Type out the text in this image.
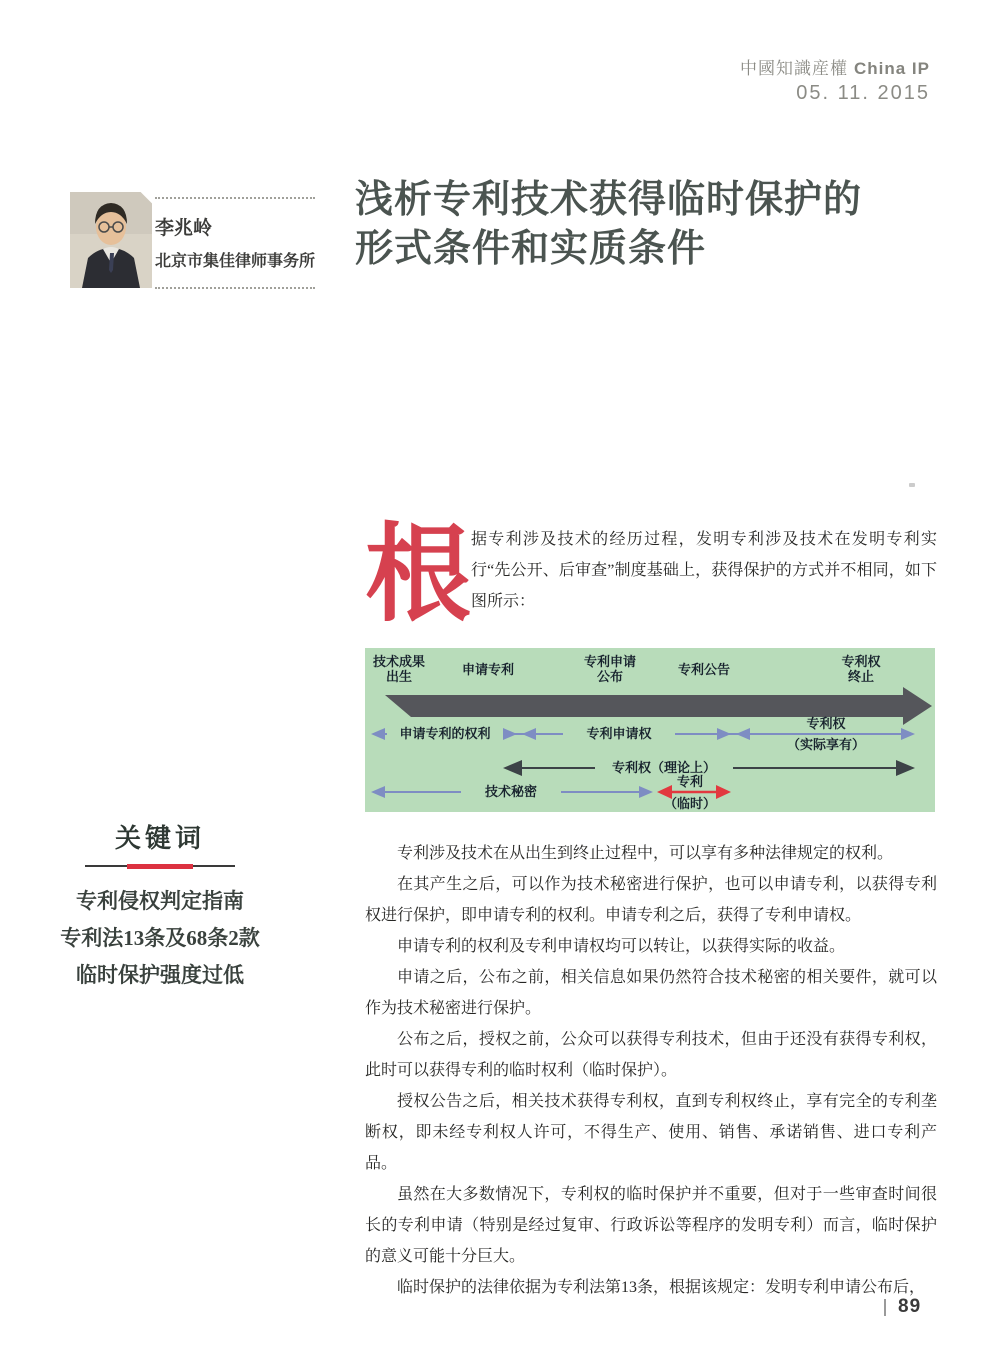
中國知識産權 China IP
05. 11. 2015
李兆岭
北京市集佳律师事务所
浅析专利技术获得临时保护的
形式条件和实质条件
根 据专利涉及技术的经历过程，发明专利涉及技术在发明专利实行“先公开、后审查”制度基础上，获得保护的方式并不相同，如下图所示：
技术成果
出生	申请专利
专利申请
公布	专利公告
专利权
终止
申请专利的权利	专利申请权
专利权
（实际享有）
专利权（理论上）
技术秘密
专利
（临时）
关键词
专利侵权判定指南
专利法13条及68条2款
临时保护强度过低

专利涉及技术在从出生到终止过程中，可以享有多种法律规定的权利。

在其产生之后，可以作为技术秘密进行保护，也可以申请专利，以获得专利权进行保护，即申请专利的权利。申请专利之后，获得了专利申请权。

申请专利的权利及专利申请权均可以转让，以获得实际的收益。

申请之后，公布之前，相关信息如果仍然符合技术秘密的相关要件，就可以作为技术秘密进行保护。

公布之后，授权之前，公众可以获得专利技术，但由于还没有获得专利权，此时可以获得专利的临时权利（临时保护）。

授权公告之后，相关技术获得专利权，直到专利权终止，享有完全的专利垄断权，即未经专利权人许可，不得生产、使用、销售、承诺销售、进口专利产品。

虽然在大多数情况下，专利权的临时保护并不重要，但对于一些审查时间很长的专利申请（特别是经过复审、行政诉讼等程序的发明专利）而言，临时保护的意义可能十分巨大。

临时保护的法律依据为专利法第13条，根据该规定：发明专利申请公布后，

89
